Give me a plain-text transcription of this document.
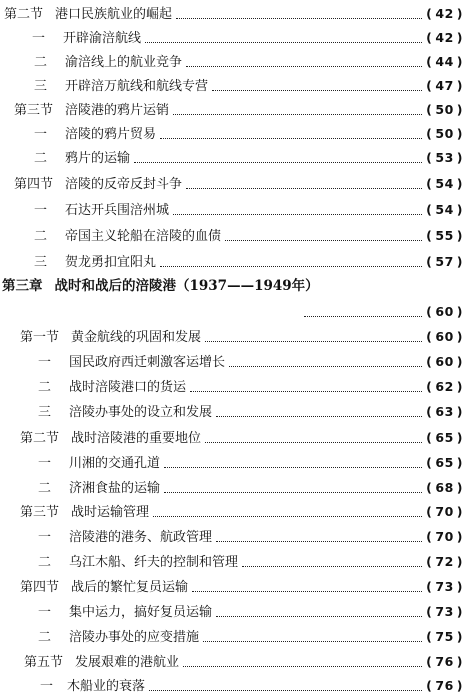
第二节 港口民族航业的崛起	( 42 )
一 开辟渝涪航线	( 42 )
二 渝涪线上的航业竞争	( 44 )
三 开辟涪万航线和航线专营	( 47 )
第三节 涪陵港的鸦片运销	( 50 )
一 涪陵的鸦片贸易	( 50 )
二 鸦片的运输	( 53 )
第四节 涪陵的反帝反封斗争	( 54 )
一 石达开兵围涪州城	( 54 )
二 帝国主义轮船在涪陵的血债	( 55 )
三 贺龙勇扣宜阳丸	( 57 )
第三章 战时和战后的涪陵港（1937——1949年）
( 60 )
第一节 黄金航线的巩固和发展	( 60 )
一 国民政府西迁刺激客运增长	( 60 )
二 战时涪陵港口的货运	( 62 )
三 涪陵办事处的设立和发展	( 63 )
第二节 战时涪陵港的重要地位	( 65 )
一 川湘的交通孔道	( 65 )
二 济湘食盐的运输	( 68 )
第三节 战时运输管理	( 70 )
一 涪陵港的港务、航政管理	( 70 )
二 乌江木船、纤夫的控制和管理	( 72 )
第四节 战后的繁忙复员运输	( 73 )
一 集中运力，搞好复员运输	( 73 )
二 涪陵办事处的应变措施	( 75 )
第五节 发展艰难的港航业	( 76 )
一 木船业的衰落	( 76 )
